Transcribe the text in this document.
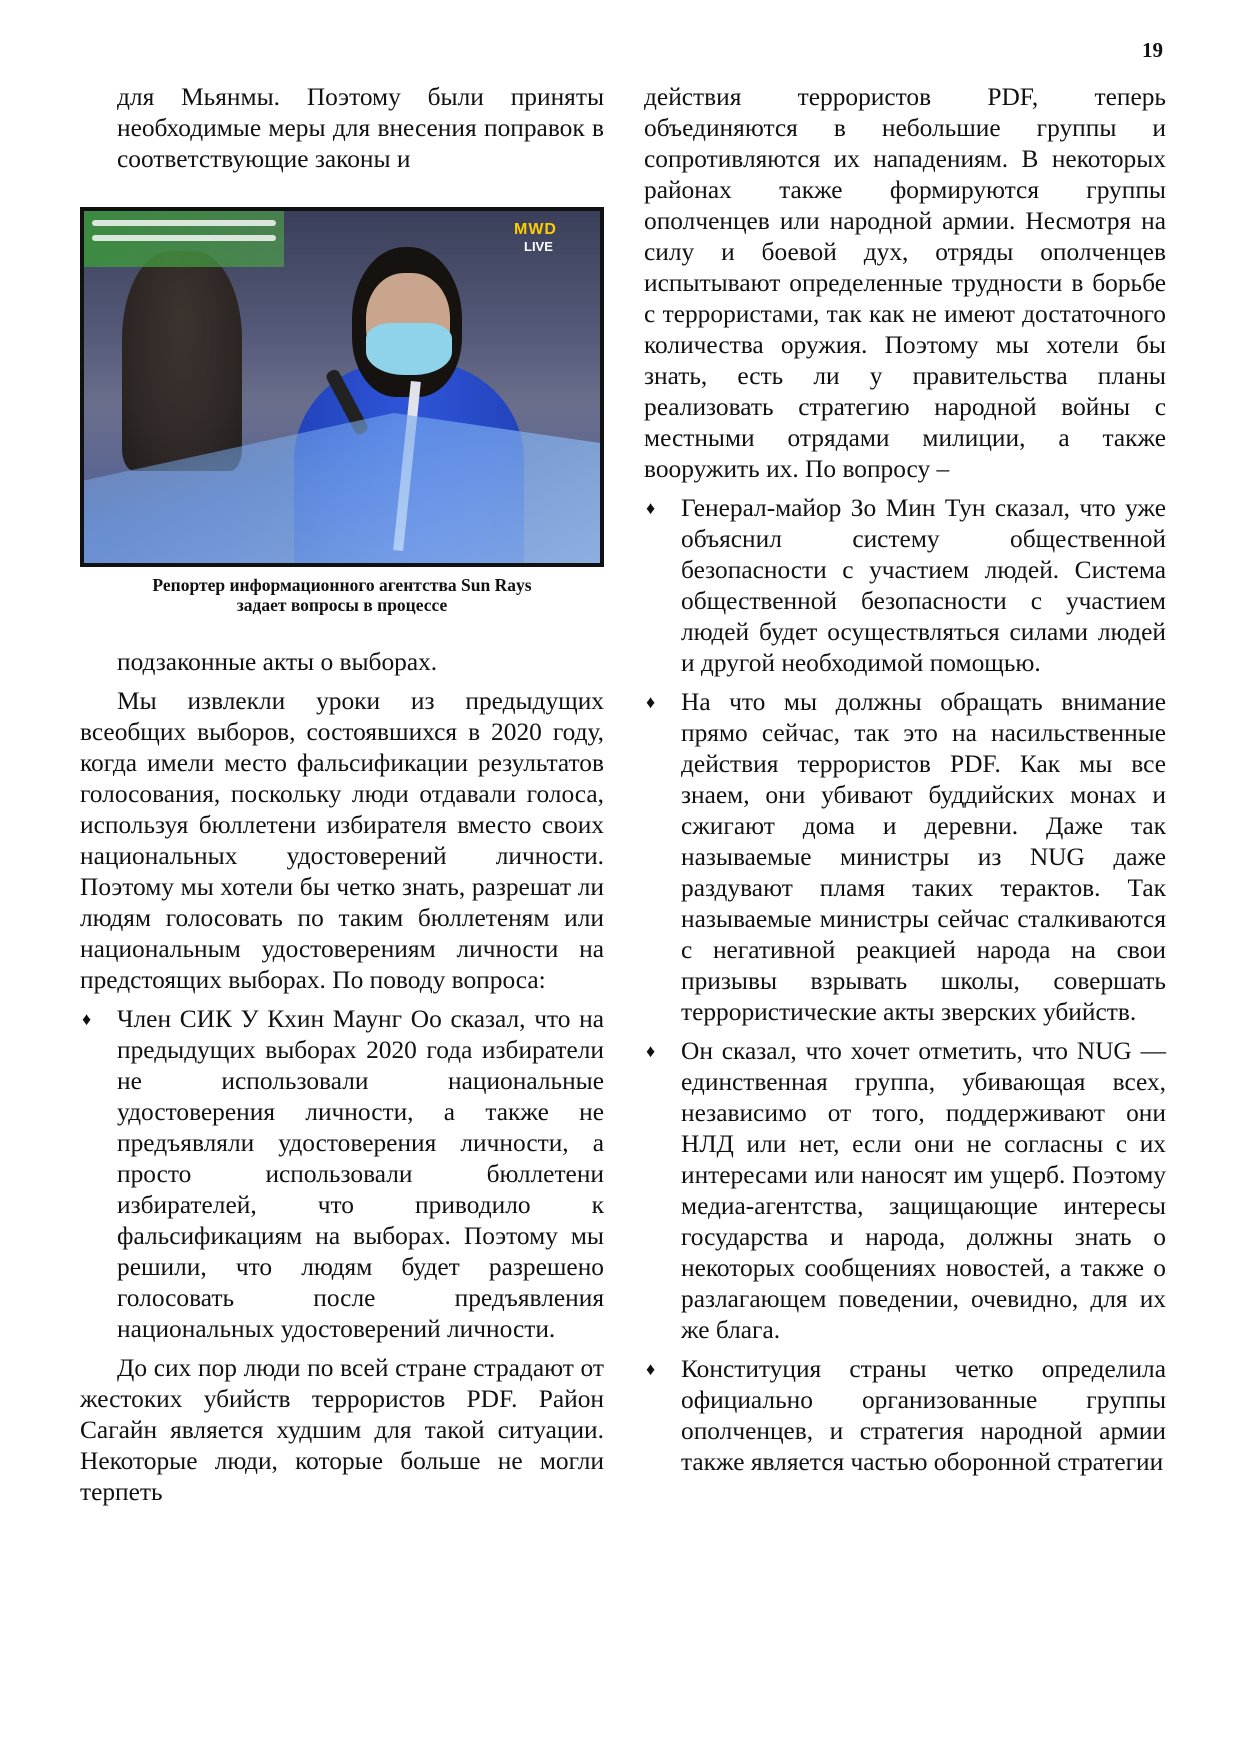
19

для Мьянмы. Поэтому были приняты необходимые меры для внесения поправок в соответствующие законы и

MWD
LIVE
Репортер информационного агентства Sun Rays
задает вопросы в процессе

подзаконные акты о выборах.

Мы извлекли уроки из предыдущих всеобщих выборов, состоявшихся в 2020 году, когда имели место фальсификации результатов голосования, поскольку люди отдавали голоса, используя бюллетени избирателя вместо своих национальных удостоверений личности. Поэтому мы хотели бы четко знать, разрешат ли людям голосовать по таким бюллетеням или национальным удостоверениям личности на предстоящих выборах. По поводу вопроса:

♦ Член СИК У Кхин Маунг Оо сказал, что на предыдущих выборах 2020 года избиратели не использовали национальные удостоверения личности, а также не предъявляли удостоверения личности, а просто использовали бюллетени избирателей, что приводило к фальсификациям на выборах. Поэтому мы решили, что людям будет разрешено голосовать после предъявления национальных удостоверений личности.

До сих пор люди по всей стране страдают от жестоких убийств террористов PDF. Район Сагайн является худшим для такой ситуации. Некоторые люди, которые больше не могли терпеть

действия террористов PDF, теперь объединяются в небольшие группы и сопротивляются их нападениям. В некоторых районах также формируются группы ополченцев или народной армии. Несмотря на силу и боевой дух, отряды ополченцев испытывают определенные трудности в борьбе с террористами, так как не имеют достаточного количества оружия. Поэтому мы хотели бы знать, есть ли у правительства планы реализовать стратегию народной войны с местными отрядами милиции, а также вооружить их. По вопросу –

♦ Генерал-майор Зо Мин Тун сказал, что уже объяснил систему общественной безопасности с участием людей. Система общественной безопасности с участием людей будет осуществляться силами людей и другой необходимой помощью.
♦ На что мы должны обращать внимание прямо сейчас, так это на насильственные действия террористов PDF. Как мы все знаем, они убивают буддийских монах и сжигают дома и деревни. Даже так называемые министры из NUG даже раздувают пламя таких терактов. Так называемые министры сейчас сталкиваются с негативной реакцией народа на свои призывы взрывать школы, совершать террористические акты зверских убийств.
♦ Он сказал, что хочет отметить, что NUG — единственная группа, убивающая всех, независимо от того, поддерживают они НЛД или нет, если они не согласны с их интересами или наносят им ущерб. Поэтому медиа-агентства, защищающие интересы государства и народа, должны знать о некоторых сообщениях новостей, а также о разлагающем поведении, очевидно, для их же блага.
♦ Конституция страны четко определила официально организованные группы ополченцев, и стратегия народной армии также является частью оборонной стратегии
